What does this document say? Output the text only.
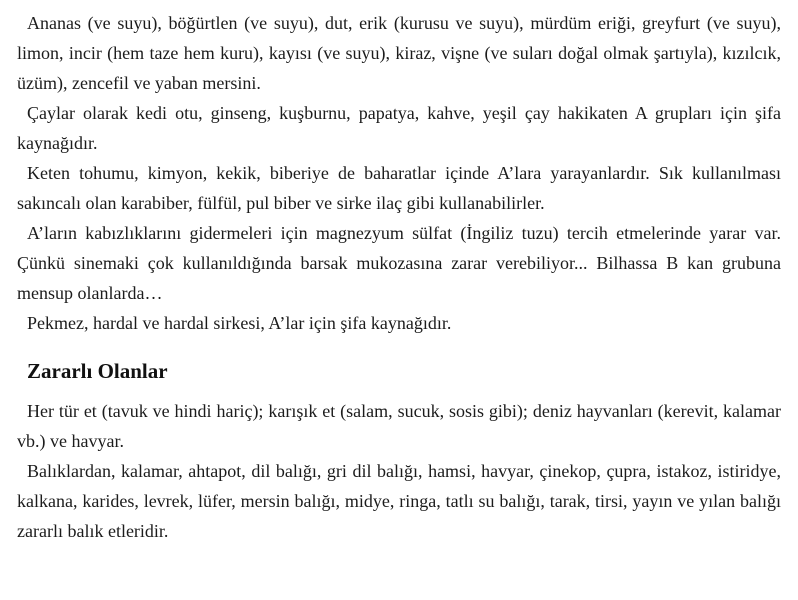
Ananas (ve suyu), böğürtlen (ve suyu), dut, erik (kurusu ve suyu), mürdüm eriği, greyfurt (ve suyu), limon, incir (hem taze hem kuru), kayısı (ve suyu), kiraz, vişne (ve suları doğal olmak şartıyla), kızılcık, üzüm), zencefil ve yaban mersini.

Çaylar olarak kedi otu, ginseng, kuşburnu, papatya, kahve, yeşil çay hakikaten A grupları için şifa kaynağıdır.

Keten tohumu, kimyon, kekik, biberiye de baharatlar içinde A’lara yarayanlardır. Sık kullanılması sakıncalı olan karabiber, fülfül, pul biber ve sirke ilaç gibi kullanabilirler.

A’ların kabızlıklarını gidermeleri için magnezyum sülfat (İngiliz tuzu) tercih etmelerinde yarar var. Çünkü sinemaki çok kullanıldığında barsak mukozasına zarar verebiliyor... Bilhassa B kan grubuna mensup olanlarda…

Pekmez, hardal ve hardal sirkesi, A’lar için şifa kaynağıdır.

Zararlı Olanlar

Her tür et (tavuk ve hindi hariç); karışık et (salam, sucuk, sosis gibi); deniz hayvanları (kerevit, kalamar vb.) ve havyar.

Balıklardan, kalamar, ahtapot, dil balığı, gri dil balığı, hamsi, havyar, çinekop, çupra, istakoz, istiridye, kalkana, karides, levrek, lüfer, mersin balığı, midye, ringa, tatlı su balığı, tarak, tirsi, yayın ve yılan balığı zararlı balık etleridir.
